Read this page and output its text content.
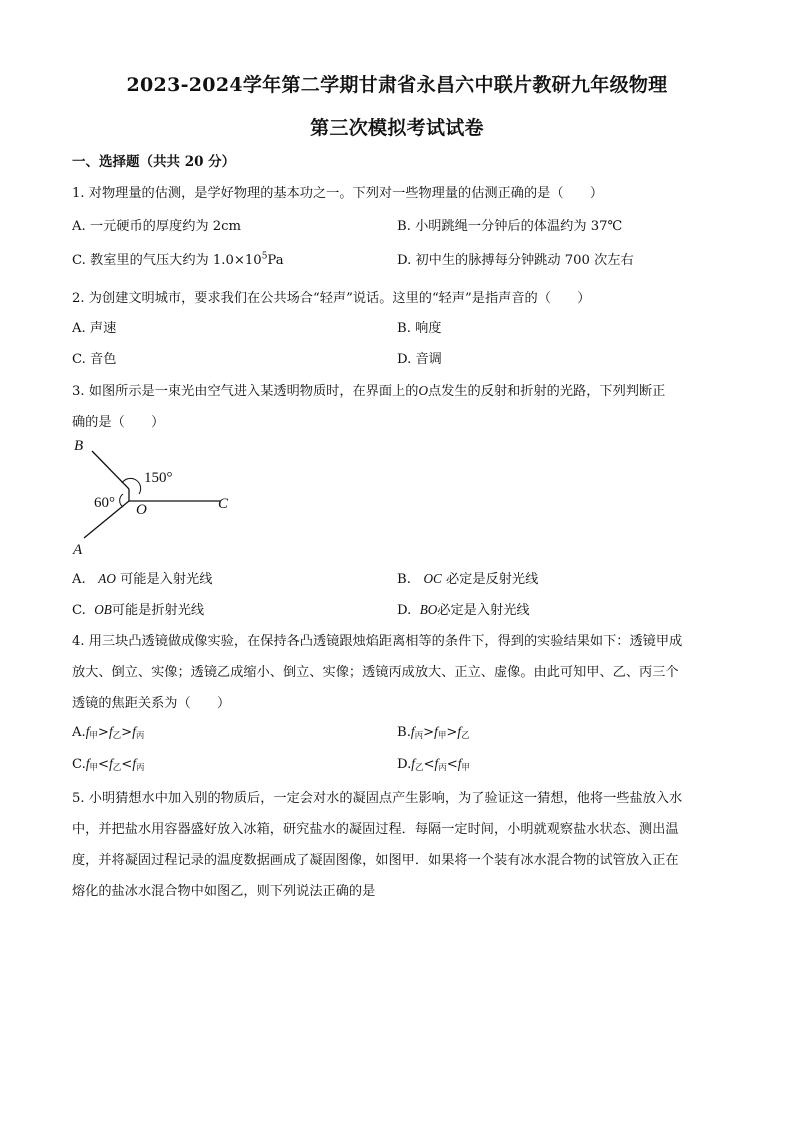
2023-2024学年第二学期甘肃省永昌六中联片教研九年级物理
第三次模拟考试试卷
一、选择题（共共 20 分）
1. 对物理量的估测，是学好物理的基本功之一。下列对一些物理量的估测正确的是（　　）
A. 一元硬币的厚度约为 2cm	B. 小明跳绳一分钟后的体温约为 37℃
C. 教室里的气压大约为 $1.0\times 10^5Pa$	D. 初中生的脉搏每分钟跳动 700 次左右
2. 为创建文明城市，要求我们在公共场合“轻声”说话。这里的“轻声”是指声音的（　　）
A. 声速	B. 响度
C. 音色	D. 音调
3. 如图所示是一束光由空气进入某透明物质时，在界面上的O点发生的反射和折射的光路，下列判断正
确的是（　　）
B
A
C
O
150°
60°
A. AO 可能是入射光线	B. OC 必定是反射光线
C. OB可能是折射光线	D. BO必定是入射光线
4. 用三块凸透镜做成像实验，在保持各凸透镜跟烛焰距离相等的条件下，得到的实验结果如下：透镜甲成
放大、倒立、实像；透镜乙成缩小、倒立、实像；透镜丙成放大、正立、虚像。由此可知甲、乙、丙三个
透镜的焦距关系为（　　）
$A.f_甲>f_乙>f_丙$	$B.f_丙>f_甲>f_乙$
$C.f_甲<f_乙<f_丙$	$D.f_乙<f_丙<f_甲$
5. 小明猜想水中加入别的物质后，一定会对水的凝固点产生影响，为了验证这一猜想，他将一些盐放入水
中，并把盐水用容器盛好放入冰箱，研究盐水的凝固过程．每隔一定时间，小明就观察盐水状态、测出温
度，并将凝固过程记录的温度数据画成了凝固图像，如图甲．如果将一个装有冰水混合物的试管放入正在
熔化的盐冰水混合物中如图乙，则下列说法正确的是
